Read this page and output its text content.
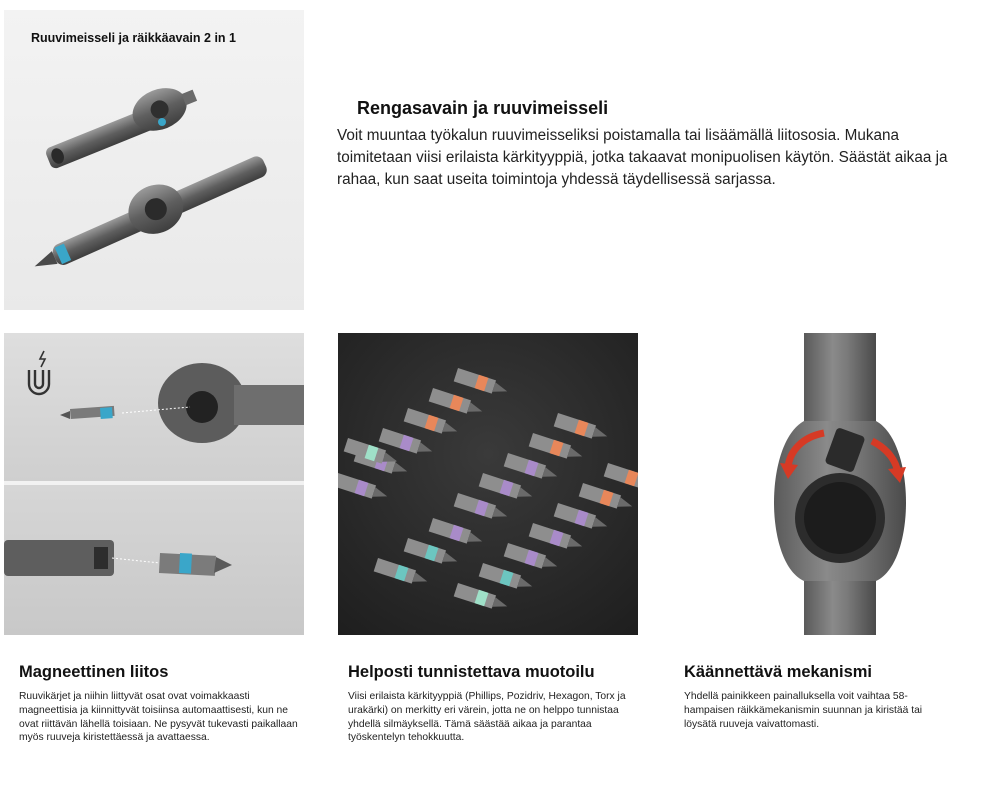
Ruuvimeisseli ja räikkäavain 2 in 1
Rengasavain ja ruuvimeisseli

Voit muuntaa työkalun ruuvimeisseliksi poistamalla tai lisäämällä liitososia. Mukana toimitetaan viisi erilaista kärkityyppiä, jotka takaavat monipuolisen käytön. Säästät aikaa ja rahaa, kun saat useita toimintoja yhdessä täydellisessä sarjassa.

Magneettinen liitos

Ruuvikärjet ja niihin liittyvät osat ovat voimakkaasti magneettisia ja kiinnittyvät toisiinsa automaattisesti, kun ne ovat riittävän lähellä toisiaan. Ne pysyvät tukevasti paikallaan myös ruuveja kiristettäessä ja avattaessa.

Helposti tunnistettava muotoilu

Viisi erilaista kärkityyppiä (Phillips, Pozidriv, Hexagon, Torx ja urakärki) on merkitty eri värein, jotta ne on helppo tunnistaa yhdellä silmäyksellä. Tämä säästää aikaa ja parantaa työskentelyn tehokkuutta.

Käännettävä mekanismi

Yhdellä painikkeen painalluksella voit vaihtaa 58-hampaisen räikkämekanismin suunnan ja kiristää tai löysätä ruuveja vaivattomasti.
